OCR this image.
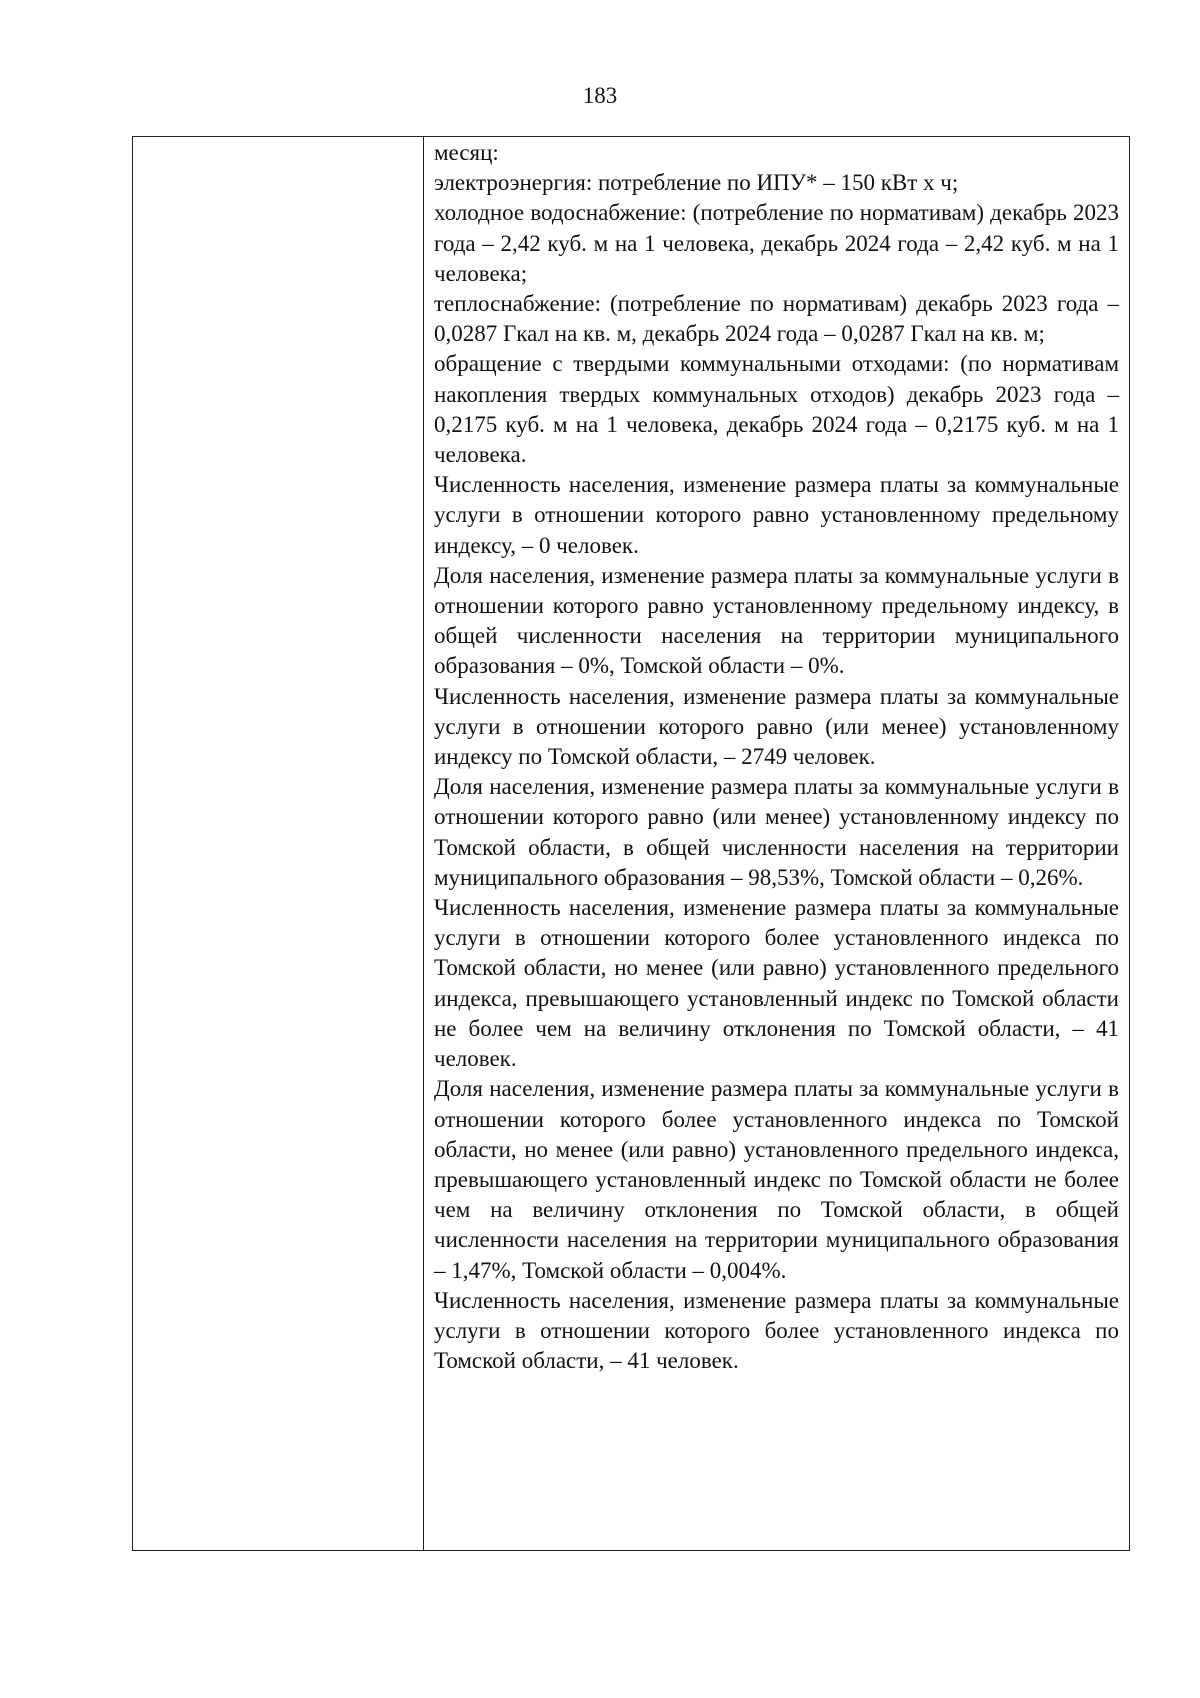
183

месяц:

электроэнергия: потребление по ИПУ* – 150 кВт х ч;

холодное водоснабжение: (потребление по нормативам) декабрь 2023 года – 2,42 куб. м на 1 человека, декабрь 2024 года – 2,42 куб. м на 1 человека;

теплоснабжение: (потребление по нормативам) декабрь 2023 года – 0,0287 Гкал на кв. м, декабрь 2024 года – 0,0287 Гкал на кв. м;

обращение с твердыми коммунальными отходами: (по нормативам накопления твердых коммунальных отходов) декабрь 2023 года – 0,2175 куб. м на 1 человека, декабрь 2024 года – 0,2175 куб. м на 1 человека.

Численность населения, изменение размера платы за коммунальные услуги в отношении которого равно установленному предельному индексу, – 0 человек.

Доля населения, изменение размера платы за коммунальные услуги в отношении которого равно установленному предельному индексу, в общей численности населения на территории муниципального образования – 0%, Томской области – 0%.

Численность населения, изменение размера платы за коммунальные услуги в отношении которого равно (или менее) установленному индексу по Томской области, – 2749 человек.

Доля населения, изменение размера платы за коммунальные услуги в отношении которого равно (или менее) установленному индексу по Томской области, в общей численности населения на территории муниципального образования – 98,53%, Томской области – 0,26%.

Численность населения, изменение размера платы за коммунальные услуги в отношении которого более установленного индекса по Томской области, но менее (или равно) установленного предельного индекса, превышающего установленный индекс по Томской области не более чем на величину отклонения по Томской области, – 41 человек.

Доля населения, изменение размера платы за коммунальные услуги в отношении которого более установленного индекса по Томской области, но менее (или равно) установленного предельного индекса, превышающего установленный индекс по Томской области не более чем на величину отклонения по Томской области, в общей численности населения на территории муниципального образования – 1,47%, Томской области – 0,004%.

Численность населения, изменение размера платы за коммунальные услуги в отношении которого более установленного индекса по Томской области, – 41 человек.
